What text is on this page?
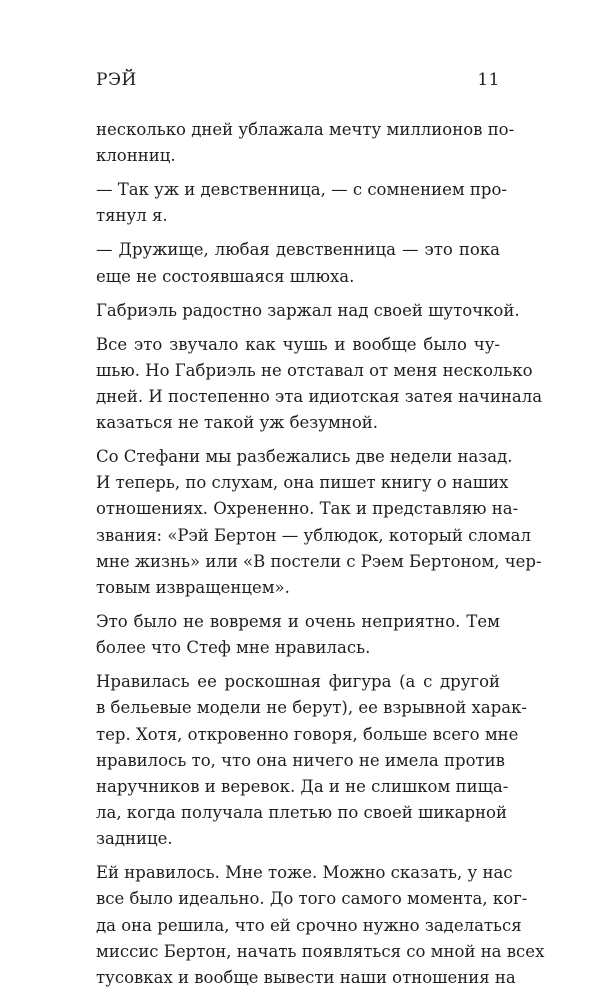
РЭЙ	11
несколько дней ублажала мечту миллионов по-
клонниц.
— Так уж и девственница, — с сомнением про-
тянул я.
— Дружище, любая девственница — это пока
еще не состоявшаяся шлюха.
Габриэль радостно заржал над своей шуточкой.
Все это звучало как чушь и вообще было чу-
шью. Но Габриэль не отставал от меня несколько
дней. И постепенно эта идиотская затея начинала
казаться не такой уж безумной.
Со Стефани мы разбежались две недели назад.
И теперь, по слухам, она пишет книгу о наших
отношениях. Охрененно. Так и представляю на-
звания: «Рэй Бертон — ублюдок, который сломал
мне жизнь» или «В постели с Рэем Бертоном, чер-
товым извращенцем».
Это было не вовремя и очень неприятно. Тем
более что Стеф мне нравилась.
Нравилась ее роскошная фигура (а с другой
в бельевые модели не берут), ее взрывной харак-
тер. Хотя, откровенно говоря, больше всего мне
нравилось то, что она ничего не имела против
наручников и веревок. Да и не слишком пища-
ла, когда получала плетью по своей шикарной
заднице.
Ей нравилось. Мне тоже. Можно сказать, у нас
все было идеально. До того самого момента, ког-
да она решила, что ей срочно нужно заделаться
миссис Бертон, начать появляться со мной на всех
тусовках и вообще вывести наши отношения на
